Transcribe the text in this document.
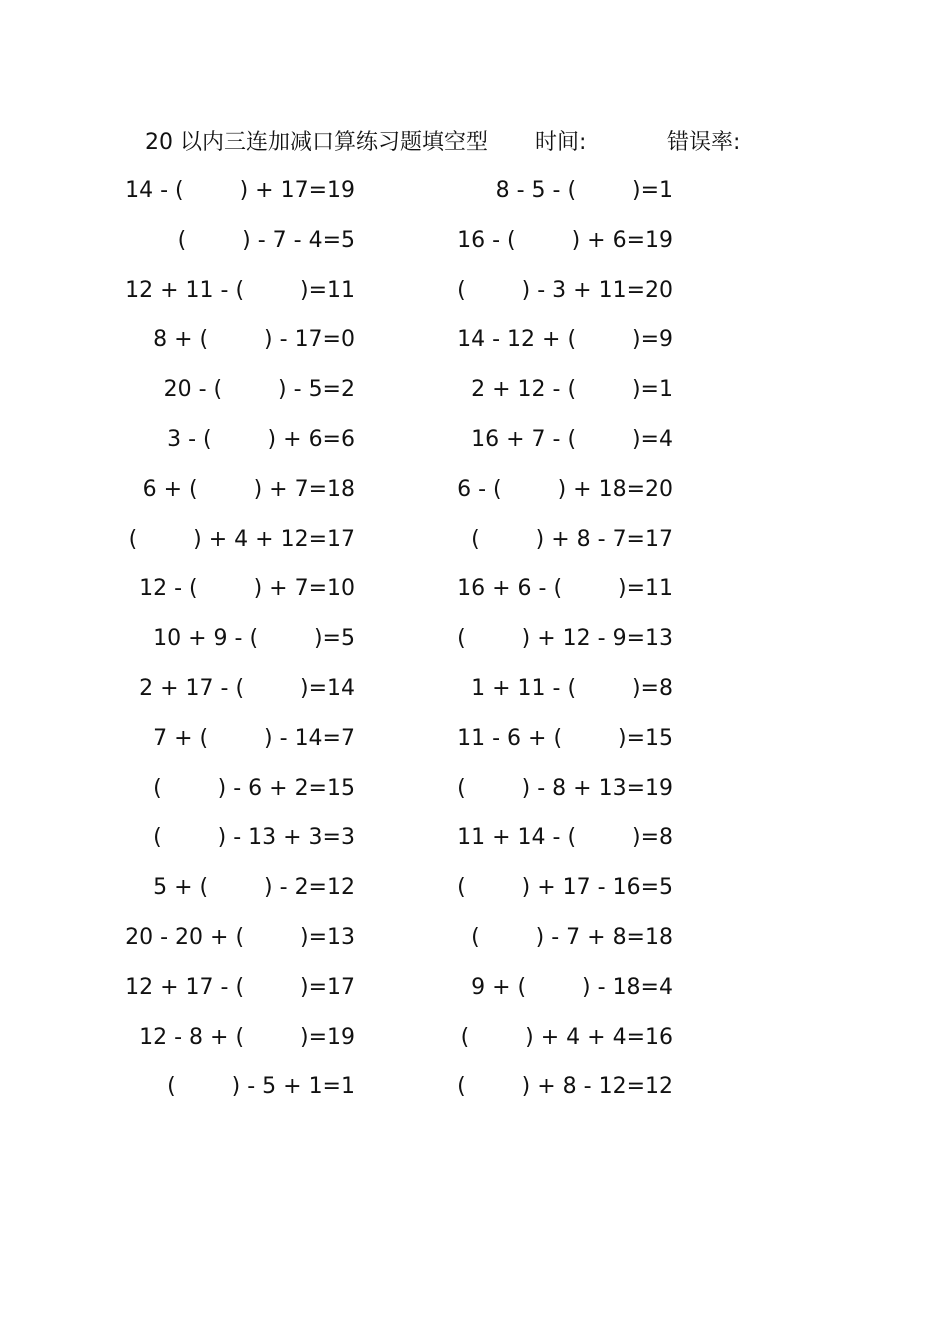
20 以内三连加减口算练习题填空型 时间:	错误率:
14 - (        ) + 17=19	8 - 5 - (        )=1
(        ) - 7 - 4=5	16 - (        ) + 6=19
12 + 11 - (        )=11	(        ) - 3 + 11=20
8 + (        ) - 17=0	14 - 12 + (        )=9
20 - (        ) - 5=2	2 + 12 - (        )=1
3 - (        ) + 6=6	16 + 7 - (        )=4
6 + (        ) + 7=18	6 - (        ) + 18=20
(        ) + 4 + 12=17	(        ) + 8 - 7=17
12 - (        ) + 7=10	16 + 6 - (        )=11
10 + 9 - (        )=5	(        ) + 12 - 9=13
2 + 17 - (        )=14	1 + 11 - (        )=8
7 + (        ) - 14=7	11 - 6 + (        )=15
(        ) - 6 + 2=15	(        ) - 8 + 13=19
(        ) - 13 + 3=3	11 + 14 - (        )=8
5 + (        ) - 2=12	(        ) + 17 - 16=5
20 - 20 + (        )=13	(        ) - 7 + 8=18
12 + 17 - (        )=17	9 + (        ) - 18=4
12 - 8 + (        )=19	(        ) + 4 + 4=16
(        ) - 5 + 1=1	(        ) + 8 - 12=12
